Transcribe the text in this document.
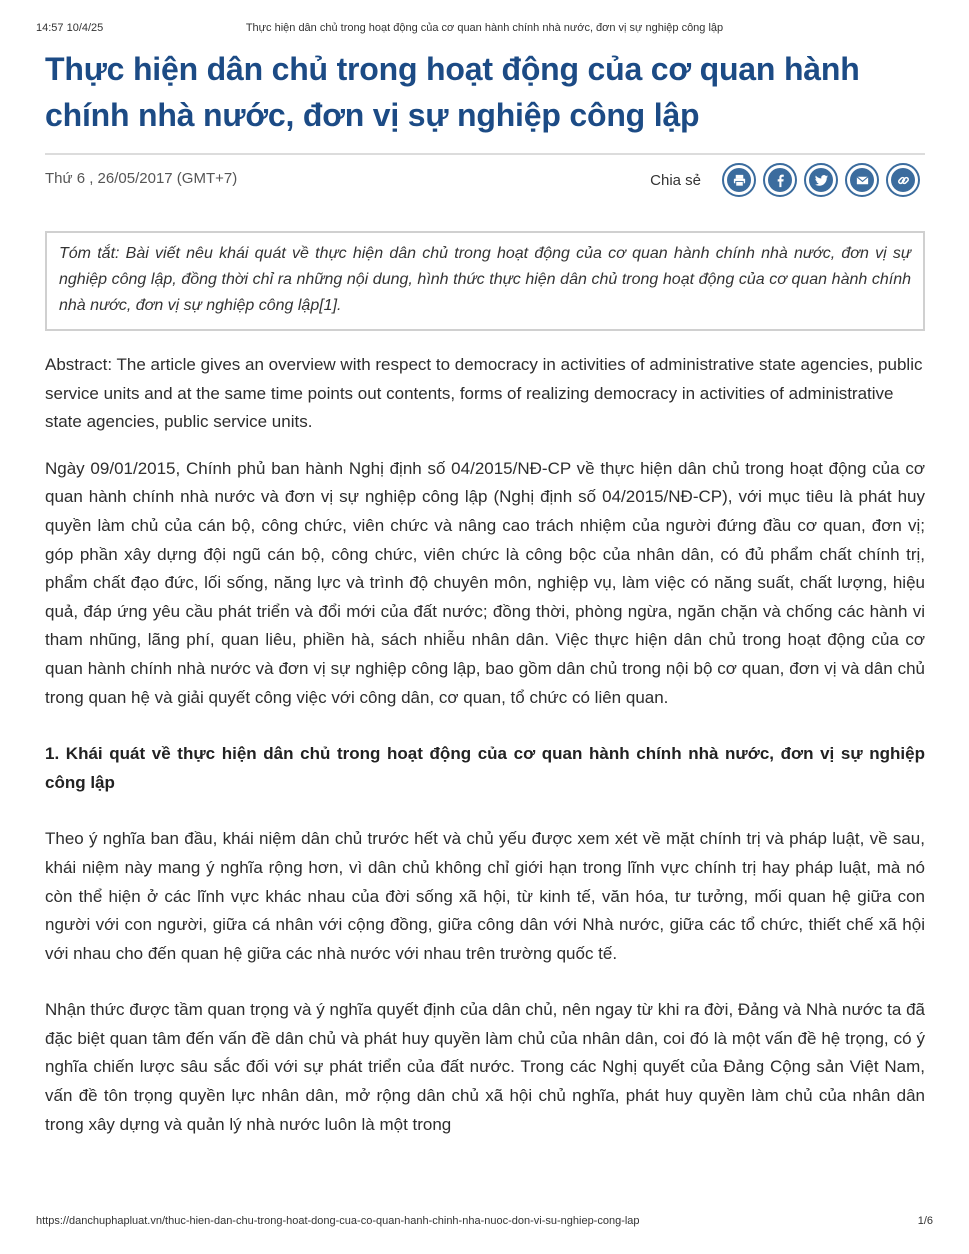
14:57 10/4/25	Thực hiện dân chủ trong hoạt động của cơ quan hành chính nhà nước, đơn vị sự nghiệp công lập
Thực hiện dân chủ trong hoạt động của cơ quan hành chính nhà nước, đơn vị sự nghiệp công lập
Thứ 6 , 26/05/2017 (GMT+7)	Chia sẻ
Tóm tắt: Bài viết nêu khái quát về thực hiện dân chủ trong hoạt động của cơ quan hành chính nhà nước, đơn vị sự nghiệp công lập, đồng thời chỉ ra những nội dung, hình thức thực hiện dân chủ trong hoạt động của cơ quan hành chính nhà nước, đơn vị sự nghiệp công lập[1].

Abstract: The article gives an overview with respect to democracy in activities of administrative state agencies, public service units and at the same time points out contents, forms of realizing democracy in activities of administrative state agencies, public service units.

Ngày 09/01/2015, Chính phủ ban hành Nghị định số 04/2015/NĐ-CP về thực hiện dân chủ trong hoạt động của cơ quan hành chính nhà nước và đơn vị sự nghiệp công lập (Nghị định số 04/2015/NĐ-CP), với mục tiêu là phát huy quyền làm chủ của cán bộ, công chức, viên chức và nâng cao trách nhiệm của người đứng đầu cơ quan, đơn vị; góp phần xây dựng đội ngũ cán bộ, công chức, viên chức là công bộc của nhân dân, có đủ phẩm chất chính trị, phẩm chất đạo đức, lối sống, năng lực và trình độ chuyên môn, nghiệp vụ, làm việc có năng suất, chất lượng, hiệu quả, đáp ứng yêu cầu phát triển và đổi mới của đất nước; đồng thời, phòng ngừa, ngăn chặn và chống các hành vi tham nhũng, lãng phí, quan liêu, phiền hà, sách nhiễu nhân dân. Việc thực hiện dân chủ trong hoạt động của cơ quan hành chính nhà nước và đơn vị sự nghiệp công lập, bao gồm dân chủ trong nội bộ cơ quan, đơn vị và dân chủ trong quan hệ và giải quyết công việc với công dân, cơ quan, tổ chức có liên quan.

1. Khái quát về thực hiện dân chủ trong hoạt động của cơ quan hành chính nhà nước, đơn vị sự nghiệp công lập

Theo ý nghĩa ban đầu, khái niệm dân chủ trước hết và chủ yếu được xem xét về mặt chính trị và pháp luật, về sau, khái niệm này mang ý nghĩa rộng hơn, vì dân chủ không chỉ giới hạn trong lĩnh vực chính trị hay pháp luật, mà nó còn thể hiện ở các lĩnh vực khác nhau của đời sống xã hội, từ kinh tế, văn hóa, tư tưởng, mối quan hệ giữa con người với con người, giữa cá nhân với cộng đồng, giữa công dân với Nhà nước, giữa các tổ chức, thiết chế xã hội với nhau cho đến quan hệ giữa các nhà nước với nhau trên trường quốc tế.

Nhận thức được tầm quan trọng và ý nghĩa quyết định của dân chủ, nên ngay từ khi ra đời, Đảng và Nhà nước ta đã đặc biệt quan tâm đến vấn đề dân chủ và phát huy quyền làm chủ của nhân dân, coi đó là một vấn đề hệ trọng, có ý nghĩa chiến lược sâu sắc đối với sự phát triển của đất nước. Trong các Nghị quyết của Đảng Cộng sản Việt Nam, vấn đề tôn trọng quyền lực nhân dân, mở rộng dân chủ xã hội chủ nghĩa, phát huy quyền làm chủ của nhân dân trong xây dựng và quản lý nhà nước luôn là một trong

https://danchuphapluat.vn/thuc-hien-dan-chu-trong-hoat-dong-cua-co-quan-hanh-chinh-nha-nuoc-don-vi-su-nghiep-cong-lap	1/6
